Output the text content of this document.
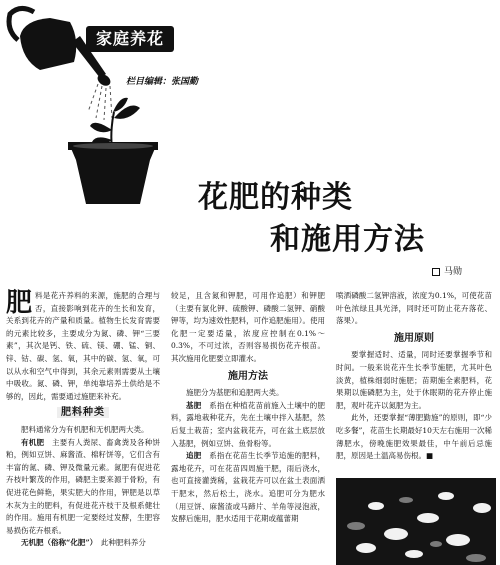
家庭养花
栏目编辑：张国勤
花肥的种类
和施用方法
马勋

肥料是花卉养料的来源，施肥的合理与否，直接影响到花卉的生长和发育，关系到花卉的产量和质量。植物生长发育需要的元素比较多，主要成分为氮、磷、钾“三要素”，其次是钙、铁、硫、镁、硼、锰、铜、锌、钴、碳、氢、氧，其中的碳、氢、氧，可以从水和空气中得到，其余元素则需要从土壤中吸收。氮、磷、钾，单纯靠培养土供给是不够的，因此，需要通过施肥来补充。

肥料种类

肥料通常分为有机肥和无机肥两大类。

有机肥　 主要有人粪尿、畜禽粪及各种饼粕，例如豆饼、麻酱渣、棉籽饼等，它们含有丰富的氮、磷、钾及微量元素。氮肥有促进花卉枝叶繁茂的作用，磷肥主要来源于骨粉，有促进花色鲜艳，果实肥大的作用，钾肥是以草木灰为主的肥料，有促进花卉枝干及根系健壮的作用。施用有机肥一定要经过发酵，生肥容易损伤花卉根系。

无机肥（俗称“化肥”）　 此种肥料养分

较足，且含氮和钾肥，可用作追肥）和钾肥（主要有氯化钾、硫酸钾、磷酸二氢钾、硝酸钾等，均为速效性肥料，可作追肥施用）。使用化肥一定要适量，浓度应控制在0.1%～0.3%，不可过浓，否则容易损伤花卉根苗。其次施用化肥要立即灌水。

施用方法

施肥分为基肥和追肥两大类。

基肥　 系指在种植花苗前施入土壤中的肥料，露地栽种花卉，先在土壤中拌入基肥，然后复土栽苗；室内盆栽花卉，可在盆土底层放入基肥，例如豆饼、鱼骨粉等。

追肥　 系指在花苗生长季节追施的肥料，露地花卉，可在花苗四周施干肥，雨后浇水，也可直接灌粪稀，盆栽花卉可以在盆土表面洒干肥末，然后松土，浇水。追肥可分为肥水（用豆饼、麻酱渣或马蹄片、羊角等浸泡液，发酵后施用，肥水适用于花期或蕴蕾期

喷洒磷酸二氢钾溶液，浓度为0.1%，可使花苗叶色浓绿且具光泽，同时还可防止花卉落花、落果）。

施用原则

要掌握适时、适量，同时还要掌握季节和时间。一般来说花卉生长季节施肥，尤其叶色淡黄，植株细弱时施肥；苗期施全素肥料，花果期以施磷肥为主，处于休眠期的花卉停止施肥，观叶花卉以氮肥为主。

此外，还要掌握“薄肥勤施”的原则，即“少吃多餐”，花苗生长期最好10天左右施用一次稀薄肥水，傍晚施肥效果最佳，中午前后忌施肥，原因是土温高易伤根。■
